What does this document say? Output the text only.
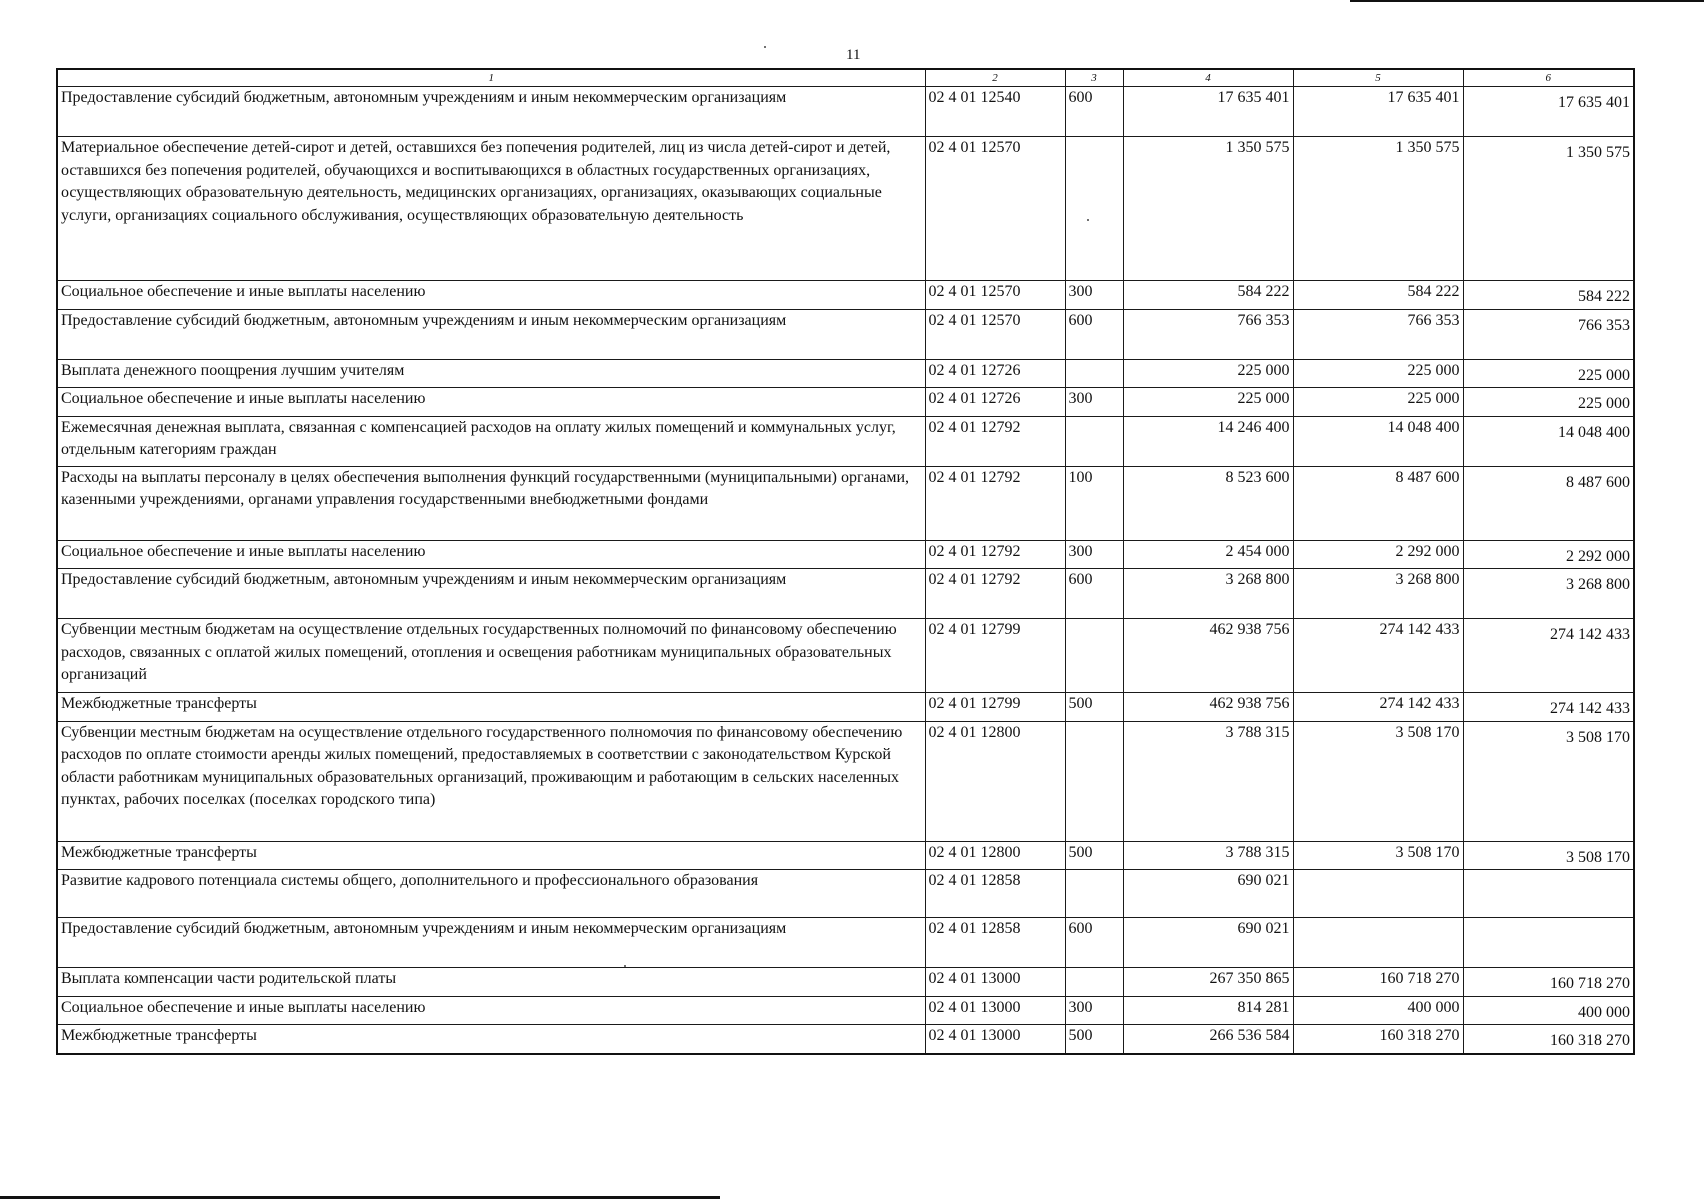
11
1	2	3	4	5	6
Предоставление субсидий бюджетным, автономным учреждениям и иным некоммерческим организациям	02 4 01 12540	600	17 635 401	17 635 401	17 635 401
Материальное обеспечение детей-сирот и детей, оставшихся без попечения родителей, лиц из числа детей-сирот и детей, оставшихся без попечения родителей, обучающихся и воспитывающихся в областных государственных организациях, осуществляющих образовательную деятельность, медицинских организациях, организациях, оказывающих социальные услуги, организациях социального обслуживания, осуществляющих образовательную деятельность	02 4 01 12570		1 350 575	1 350 575	1 350 575
Социальное обеспечение и иные выплаты населению	02 4 01 12570	300	584 222	584 222	584 222
Предоставление субсидий бюджетным, автономным учреждениям и иным некоммерческим организациям	02 4 01 12570	600	766 353	766 353	766 353
Выплата денежного поощрения лучшим учителям	02 4 01 12726		225 000	225 000	225 000
Социальное обеспечение и иные выплаты населению	02 4 01 12726	300	225 000	225 000	225 000
Ежемесячная денежная выплата, связанная с компенсацией расходов на оплату жилых помещений и коммунальных услуг, отдельным категориям граждан	02 4 01 12792		14 246 400	14 048 400	14 048 400
Расходы на выплаты персоналу в целях обеспечения выполнения функций государственными (муниципальными) органами, казенными учреждениями, органами управления государственными внебюджетными фондами	02 4 01 12792	100	8 523 600	8 487 600	8 487 600
Социальное обеспечение и иные выплаты населению	02 4 01 12792	300	2 454 000	2 292 000	2 292 000
Предоставление субсидий бюджетным, автономным учреждениям и иным некоммерческим организациям	02 4 01 12792	600	3 268 800	3 268 800	3 268 800
Субвенции местным бюджетам на осуществление отдельных государственных полномочий по финансовому обеспечению расходов, связанных с оплатой жилых помещений, отопления и освещения работникам муниципальных образовательных организаций	02 4 01 12799		462 938 756	274 142 433	274 142 433
Межбюджетные трансферты	02 4 01 12799	500	462 938 756	274 142 433	274 142 433
Субвенции местным бюджетам на осуществление отдельного государственного полномочия по финансовому обеспечению расходов по оплате стоимости аренды жилых помещений, предоставляемых в соответствии с законодательством Курской области работникам муниципальных образовательных организаций, проживающим и работающим в сельских населенных пунктах, рабочих поселках (поселках городского типа)	02 4 01 12800		3 788 315	3 508 170	3 508 170
Межбюджетные трансферты	02 4 01 12800	500	3 788 315	3 508 170	3 508 170
Развитие кадрового потенциала системы общего, дополнительного и профессионального образования	02 4 01 12858		690 021		
Предоставление субсидий бюджетным, автономным учреждениям и иным некоммерческим организациям	02 4 01 12858	600	690 021		
Выплата компенсации части родительской платы	02 4 01 13000		267 350 865	160 718 270	160 718 270
Социальное обеспечение и иные выплаты населению	02 4 01 13000	300	814 281	400 000	400 000
Межбюджетные трансферты	02 4 01 13000	500	266 536 584	160 318 270	160 318 270
